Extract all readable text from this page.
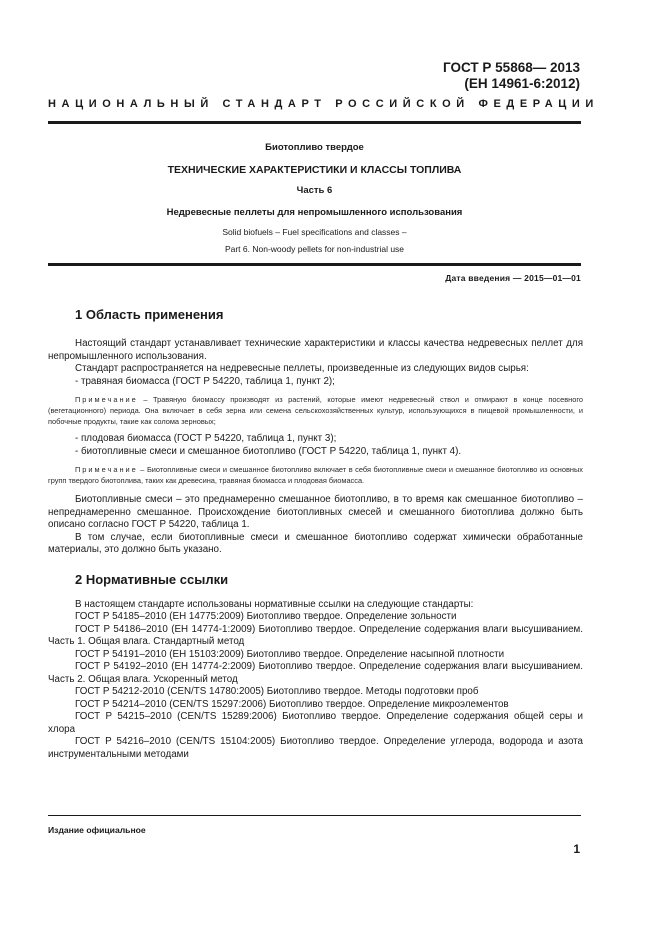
ГОСТ Р 55868— 2013
(ЕН 14961-6:2012)
НАЦИОНАЛЬНЫЙ СТАНДАРТ РОССИЙСКОЙ ФЕДЕРАЦИИ
Биотопливо твердое
ТЕХНИЧЕСКИЕ ХАРАКТЕРИСТИКИ И КЛАССЫ ТОПЛИВА
Часть 6
Недревесные пеллеты для непромышленного использования
Solid biofuels – Fuel specifications and classes –
Part 6. Non-woody pellets for non-industrial use
Дата введения — 2015—01—01
1 Область применения

Настоящий стандарт устанавливает технические характеристики и классы качества недревесных пеллет для непромышленного использования.

Стандарт распространяется на недревесные пеллеты, произведенные из следующих видов сырья:

- травяная биомасса (ГОСТ Р 54220, таблица 1, пункт 2);

Примечание – Травяную биомассу производят из растений, которые имеют недревесный ствол и отмирают в конце посевного (вегетационного) периода. Она включает в себя зерна или семена сельскохозяйственных культур, использующихся в пищевой промышленности, и побочные продукты, такие как солома зерновых;

- плодовая биомасса (ГОСТ Р 54220, таблица 1, пункт 3);

- биотопливные смеси и смешанное биотопливо (ГОСТ Р 54220, таблица 1, пункт 4).

Примечание – Биотопливные смеси и смешанное биотопливо включает в себя биотопливные смеси и смешанное биотопливо из основных групп твердого биотоплива, таких как древесина, травяная биомасса и плодовая биомасса.

Биотопливные смеси – это преднамеренно смешанное биотопливо, в то время как смешанное биотопливо – непреднамеренно смешанное. Происхождение биотопливных смесей и смешанного биотоплива должно быть описано согласно ГОСТ Р 54220, таблица 1.

В том случае, если биотопливные смеси и смешанное биотопливо содержат химически обработанные материалы, это должно быть указано.

2 Нормативные ссылки

В настоящем стандарте использованы нормативные ссылки на следующие стандарты:

ГОСТ Р 54185–2010 (ЕН 14775:2009) Биотопливо твердое. Определение зольности

ГОСТ Р 54186–2010 (ЕН 14774-1:2009) Биотопливо твердое. Определение содержания влаги высушиванием. Часть 1. Общая влага. Стандартный метод

ГОСТ Р 54191–2010 (ЕН 15103:2009) Биотопливо твердое. Определение насыпной плотности

ГОСТ Р 54192–2010 (ЕН 14774-2:2009) Биотопливо твердое. Определение содержания влаги высушиванием. Часть 2. Общая влага. Ускоренный метод

ГОСТ Р 54212-2010 (CEN/TS 14780:2005) Биотопливо твердое. Методы подготовки проб

ГОСТ Р 54214–2010 (CEN/TS 15297:2006) Биотопливо твердое. Определение микроэлементов

ГОСТ Р 54215–2010 (CEN/TS 15289:2006) Биотопливо твердое. Определение содержания общей серы и хлора

ГОСТ Р 54216–2010 (CEN/TS 15104:2005) Биотопливо твердое. Определение углерода, водорода и азота инструментальными методами

Издание официальное
1
